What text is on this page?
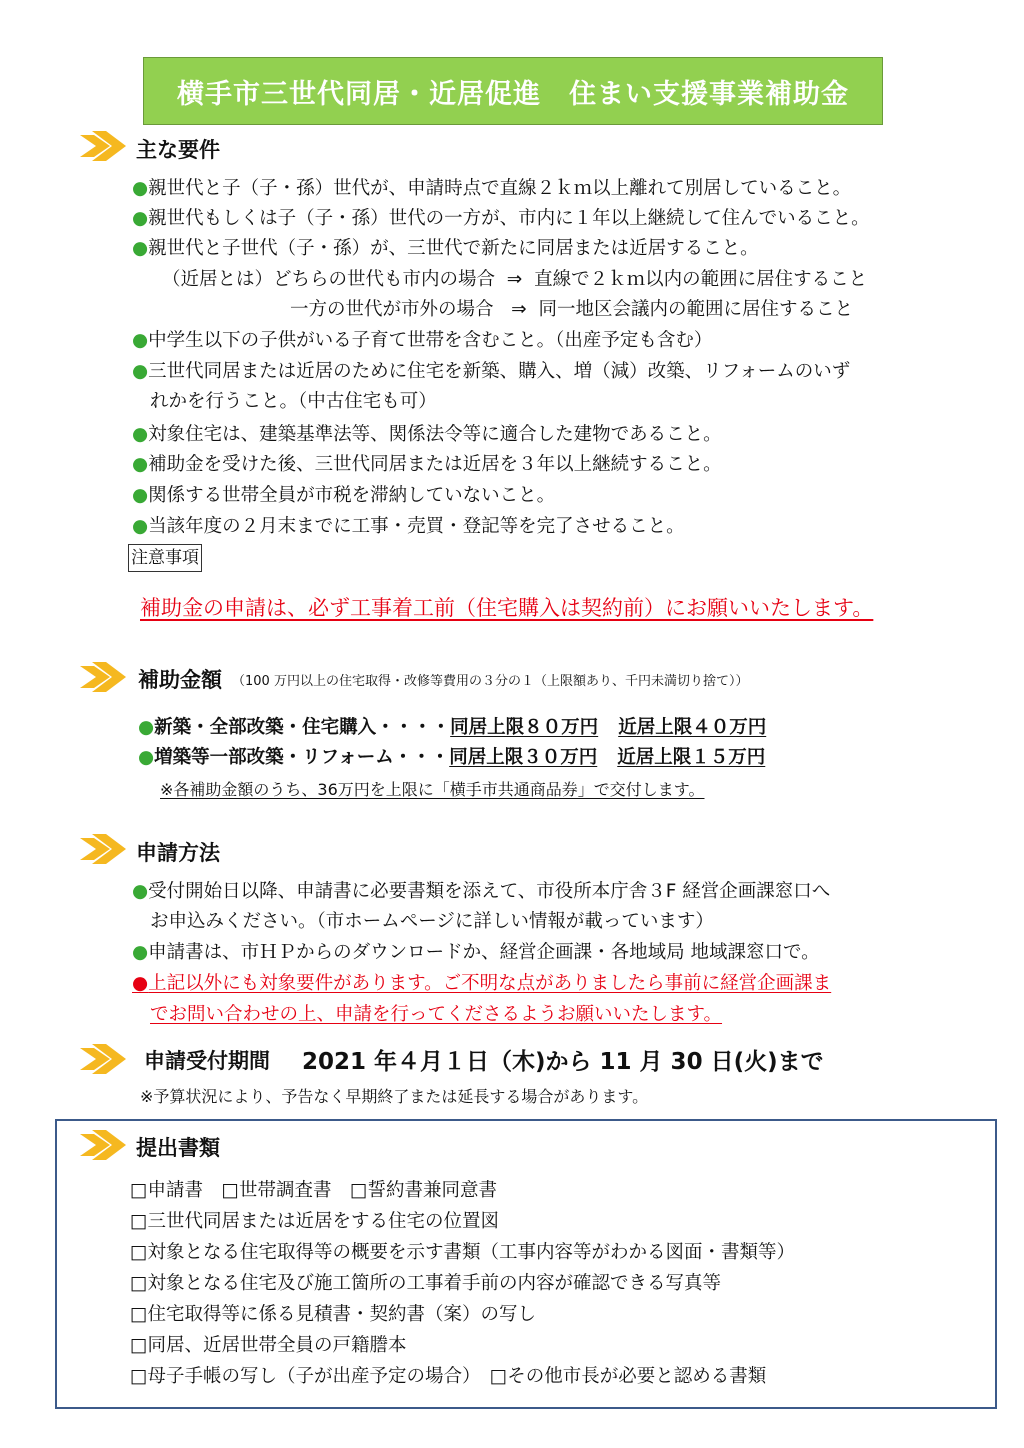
横手市三世代同居・近居促進　住まい支援事業補助金
主な要件
●親世代と子（子・孫）世代が、申請時点で直線２ｋｍ以上離れて別居していること。
●親世代もしくは子（子・孫）世代の一方が、市内に１年以上継続して住んでいること。
●親世代と子世代（子・孫）が、三世代で新たに同居または近居すること。
（近居とは）どちらの世代も市内の場合 ⇒ 直線で２ｋｍ以内の範囲に居住すること
一方の世代が市外の場合 ⇒ 同一地区会議内の範囲に居住すること
●中学生以下の子供がいる子育て世帯を含むこと。（出産予定も含む）
●三世代同居または近居のために住宅を新築、購入、増（減）改築、リフォームのいず
れかを行うこと。（中古住宅も可）
●対象住宅は、建築基準法等、関係法令等に適合した建物であること。
●補助金を受けた後、三世代同居または近居を３年以上継続すること。
●関係する世帯全員が市税を滞納していないこと。
●当該年度の２月末までに工事・売買・登記等を完了させること。
注意事項
補助金の申請は、必ず工事着工前（住宅購入は契約前）にお願いいたします。
補助金額 （100 万円以上の住宅取得・改修等費用の３分の１（上限額あり、千円未満切り捨て））
●新築・全部改築・住宅購入・・・・同居上限８０万円 近居上限４０万円
●増築等一部改築・リフォーム・・・同居上限３０万円 近居上限１５万円
※各補助金額のうち、36万円を上限に「横手市共通商品券」で交付します。
申請方法
●受付開始日以降、申請書に必要書類を添えて、市役所本庁舎３F 経営企画課窓口へ
お申込みください。（市ホームページに詳しい情報が載っています）
●申請書は、市ＨＰからのダウンロードか、経営企画課・各地域局 地域課窓口で。
●上記以外にも対象要件があります。ご不明な点がありましたら事前に経営企画課ま
でお問い合わせの上、申請を行ってくださるようお願いいたします。
申請受付期間 2021 年４月１日（木)から 11 月 30 日(火)まで
※予算状況により、予告なく早期終了または延長する場合があります。
提出書類
□申請書　□世帯調査書　□誓約書兼同意書
□三世代同居または近居をする住宅の位置図
□対象となる住宅取得等の概要を示す書類（工事内容等がわかる図面・書類等）
□対象となる住宅及び施工箇所の工事着手前の内容が確認できる写真等
□住宅取得等に係る見積書・契約書（案）の写し
□同居、近居世帯全員の戸籍謄本
□母子手帳の写し（子が出産予定の場合）　□その他市長が必要と認める書類
